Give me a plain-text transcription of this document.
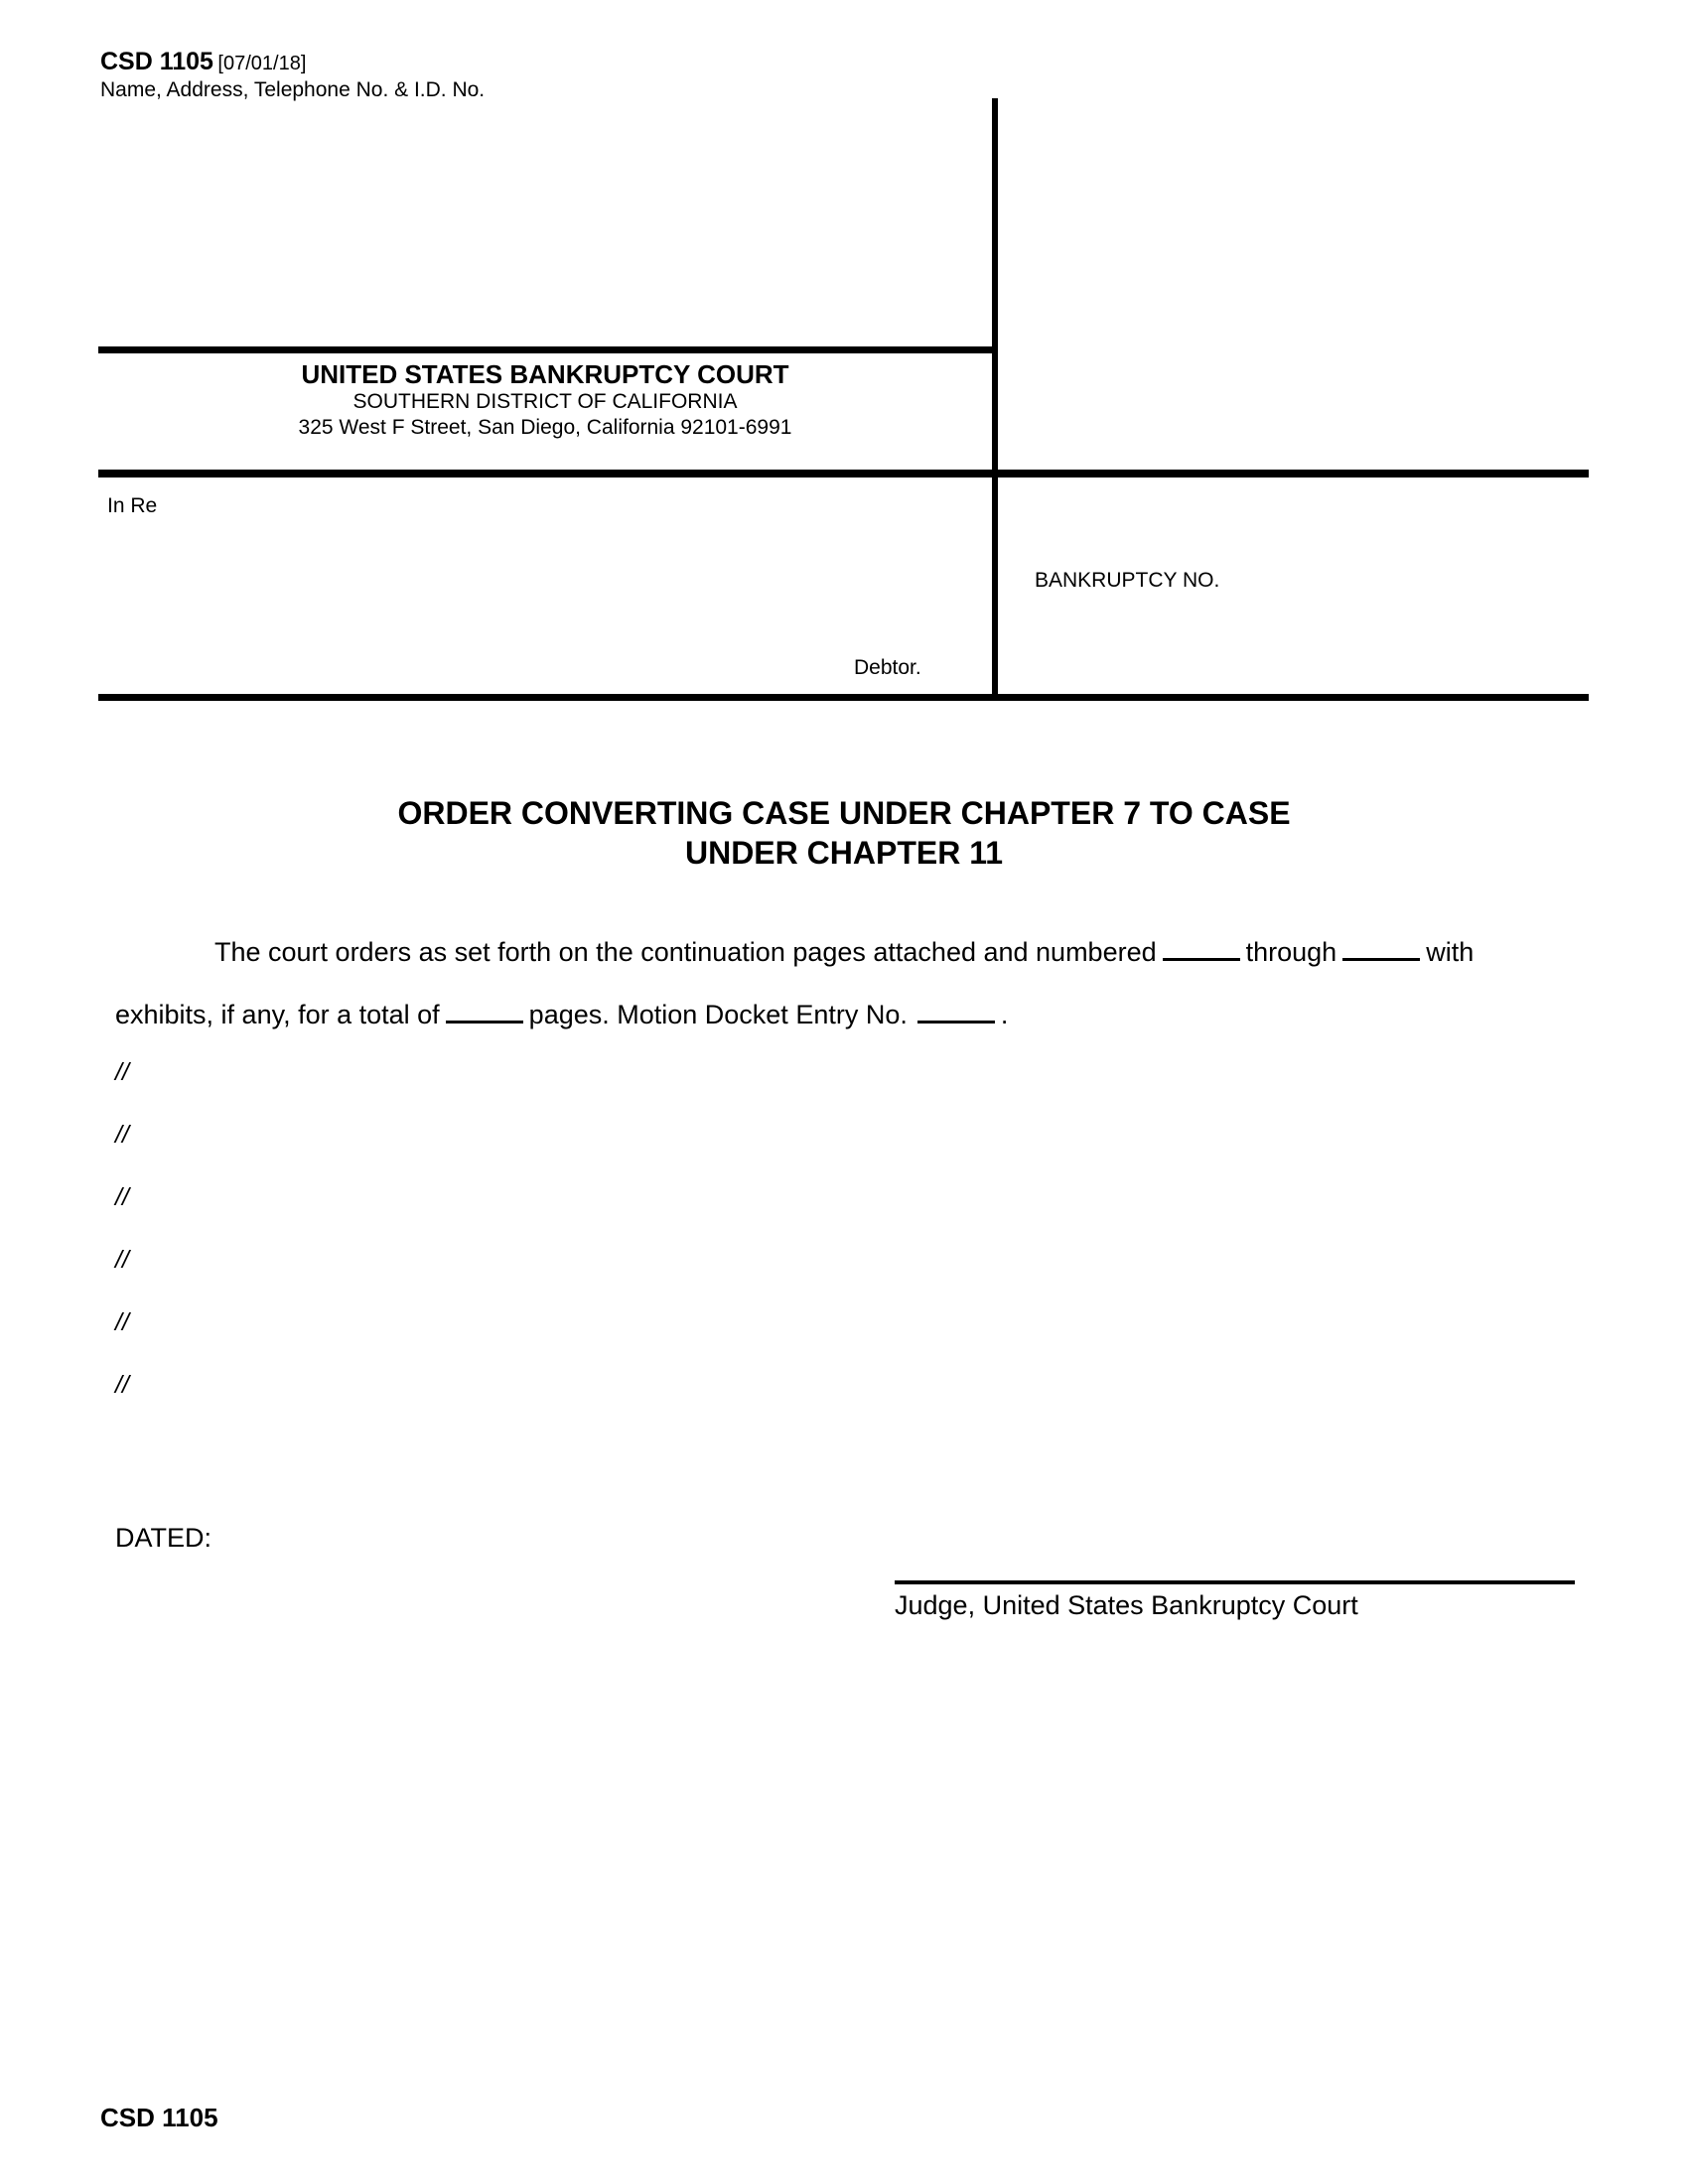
CSD 1105 [07/01/18]
Name, Address, Telephone No. & I.D. No.
UNITED STATES BANKRUPTCY COURT
SOUTHERN DISTRICT OF CALIFORNIA
325 West F Street, San Diego, California 92101-6991
In Re
Debtor.
BANKRUPTCY NO.
ORDER CONVERTING CASE UNDER CHAPTER 7 TO CASE
UNDER CHAPTER 11
The court orders as set forth on the continuation pages attached and numbered	through	with
exhibits, if any, for a total of	pages. Motion Docket Entry No.	.
//
//
//
//
//
//
DATED:
Judge, United States Bankruptcy Court
CSD 1105
